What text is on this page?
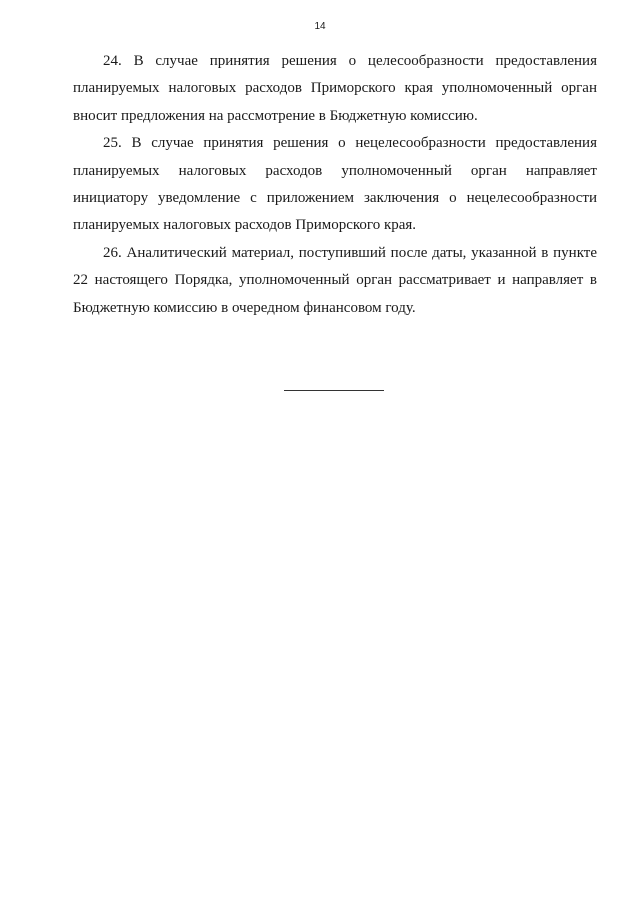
14

24. В случае принятия решения о целесообразности предоставления планируемых налоговых расходов Приморского края уполномоченный орган вносит предложения на рассмотрение в Бюджетную комиссию.

25. В случае принятия решения о нецелесообразности предоставления планируемых налоговых расходов уполномоченный орган направляет инициатору уведомление с приложением заключения о нецелесообразности планируемых налоговых расходов Приморского края.

26. Аналитический материал, поступивший после даты, указанной в пункте 22 настоящего Порядка, уполномоченный орган рассматривает и направляет в Бюджетную комиссию в очередном финансовом году.
